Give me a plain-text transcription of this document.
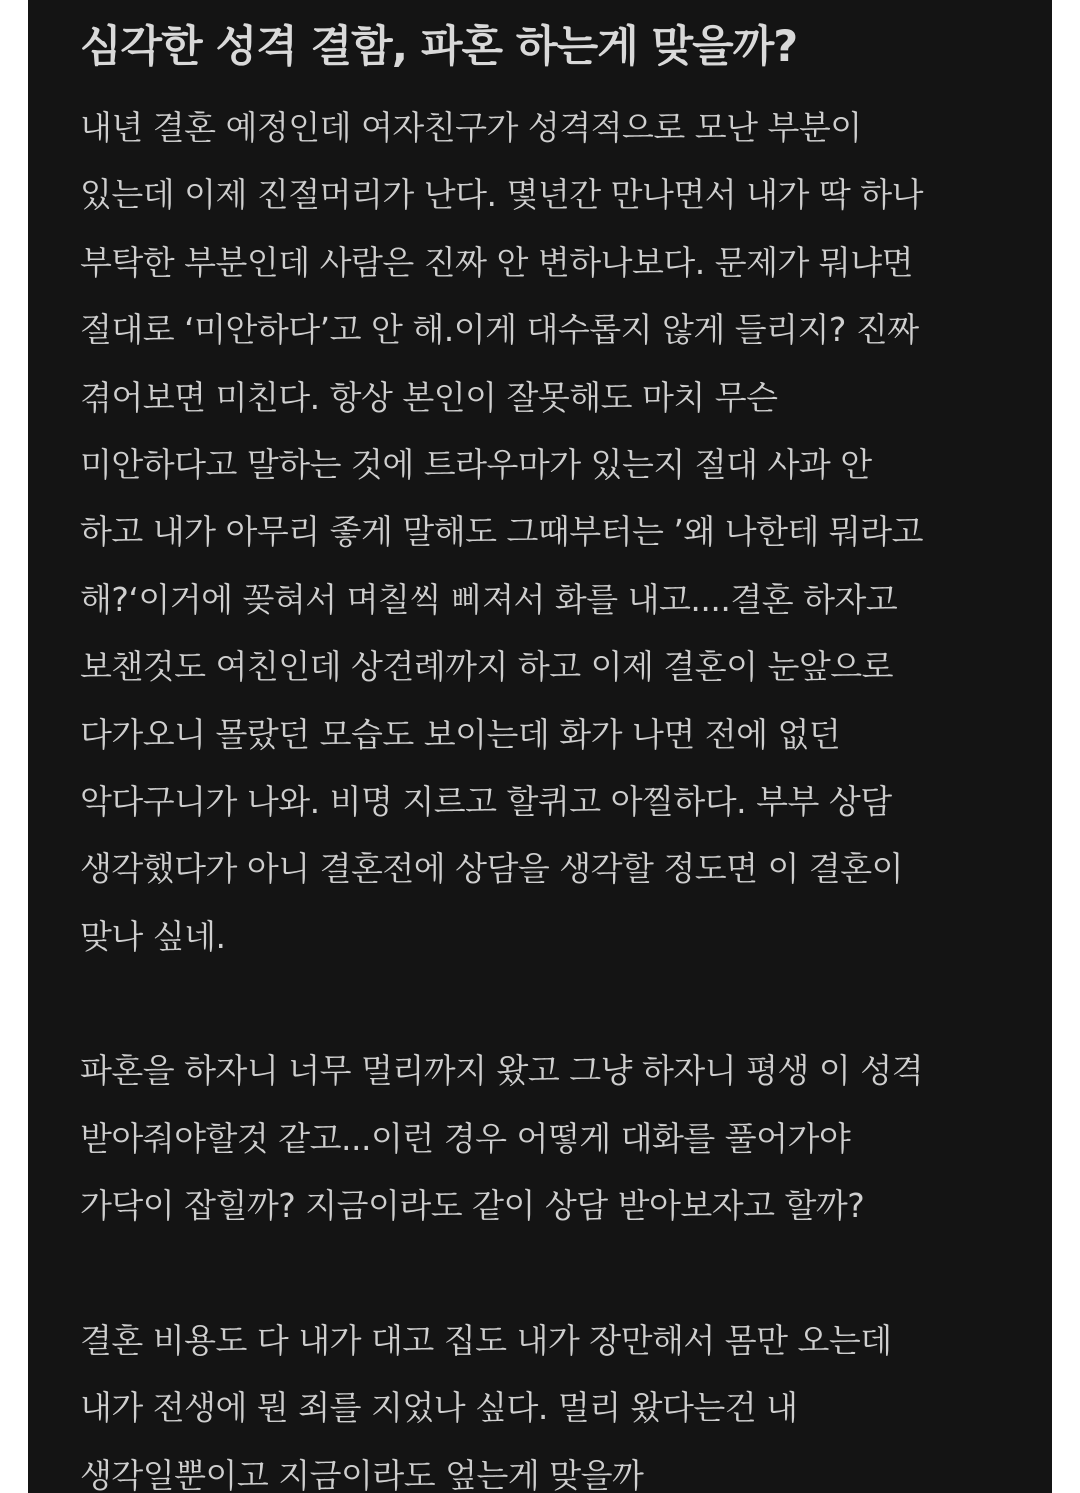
심각한 성격 결함, 파혼 하는게 맞을까?

내년 결혼 예정인데 여자친구가 성격적으로 모난 부분이
있는데 이제 진절머리가 난다. 몇년간 만나면서 내가 딱 하나
부탁한 부분인데 사람은 진짜 안 변하나보다. 문제가 뭐냐면
절대로 ‘미안하다’고 안 해.이게 대수롭지 않게 들리지? 진짜
겪어보면 미친다. 항상 본인이 잘못해도 마치 무슨
미안하다고 말하는 것에 트라우마가 있는지 절대 사과 안
하고 내가 아무리 좋게 말해도 그때부터는 ’왜 나한테 뭐라고
해?‘이거에 꽂혀서 며칠씩 삐져서 화를 내고....결혼 하자고
보챈것도 여친인데 상견례까지 하고 이제 결혼이 눈앞으로
다가오니 몰랐던 모습도 보이는데 화가 나면 전에 없던
악다구니가 나와. 비명 지르고 할퀴고 아찔하다. 부부 상담
생각했다가 아니 결혼전에 상담을 생각할 정도면 이 결혼이
맞나 싶네.

파혼을 하자니 너무 멀리까지 왔고 그냥 하자니 평생 이 성격
받아줘야할것 같고...이런 경우 어떻게 대화를 풀어가야
가닥이 잡힐까? 지금이라도 같이 상담 받아보자고 할까?

결혼 비용도 다 내가 대고 집도 내가 장만해서 몸만 오는데
내가 전생에 뭔 죄를 지었나 싶다. 멀리 왔다는건 내
생각일뿐이고 지금이라도 엎는게 맞을까
